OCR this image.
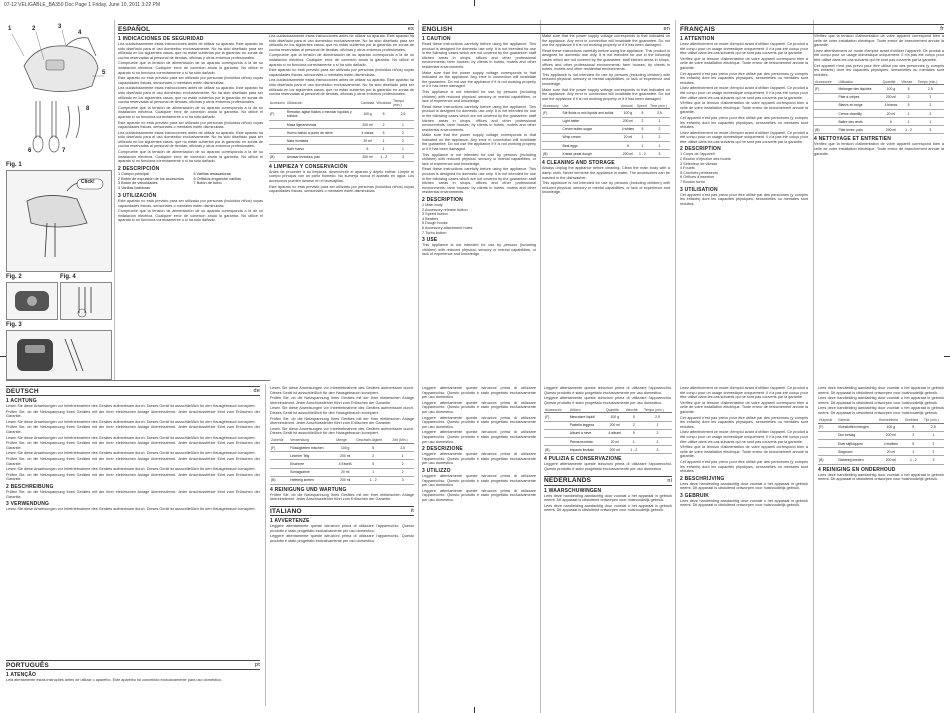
07-12 VELIGABLE_BA350 Doc Page 1 Friday, June 10, 2011 3:22 PM
1	2	3
4
5
6	7
8
Fig. 1
Click!
Fig. 2	Fig. 4
Fig. 3
ESPAÑOL	es
1 INDICACIONES DE SEGURIDAD

Lea cuidadosamente estas instrucciones antes de utilizar su aparato. Este aparato ha sido diseñado para el uso doméstico exclusivamente. No ha sido diseñado para ser utilizado en los siguientes casos, que no están cubiertos por la garantía: en zonas de cocina reservadas al personal de tiendas, oficinas y otros entornos profesionales.

Compruebe que la tensión de alimentación de su aparato corresponda a la de su instalación eléctrica. Cualquier error de conexión anula la garantía. No utilice el aparato si no funciona correctamente o si ha sido dañado.

Este aparato no está previsto para ser utilizado por personas (incluidos niños) cuyas capacidades físicas, sensoriales o mentales estén disminuidas.

Lea cuidadosamente estas instrucciones antes de utilizar su aparato. Este aparato ha sido diseñado para el uso doméstico exclusivamente. No ha sido diseñado para ser utilizado en los siguientes casos, que no están cubiertos por la garantía: en zonas de cocina reservadas al personal de tiendas, oficinas y otros entornos profesionales.

Compruebe que la tensión de alimentación de su aparato corresponda a la de su instalación eléctrica. Cualquier error de conexión anula la garantía. No utilice el aparato si no funciona correctamente o si ha sido dañado.

Este aparato no está previsto para ser utilizado por personas (incluidos niños) cuyas capacidades físicas, sensoriales o mentales estén disminuidas.

Lea cuidadosamente estas instrucciones antes de utilizar su aparato. Este aparato ha sido diseñado para el uso doméstico exclusivamente. No ha sido diseñado para ser utilizado en los siguientes casos, que no están cubiertos por la garantía: en zonas de cocina reservadas al personal de tiendas, oficinas y otros entornos profesionales.

Compruebe que la tensión de alimentación de su aparato corresponda a la de su instalación eléctrica. Cualquier error de conexión anula la garantía. No utilice el aparato si no funciona correctamente o si ha sido dañado.

2 DESCRIPCIÓN
1 Cuerpo principal
2 Botón de expulsión de los accesorios
3 Botón de velocidades
4 Varillas batidoras
5 Varillas amasadoras
6 Orificios enganche varillas
7 Botón de turbo
3 UTILIZACIÓN

Este aparato no está previsto para ser utilizado por personas (incluidos niños) cuyas capacidades físicas, sensoriales o mentales estén disminuidas.

Compruebe que la tensión de alimentación de su aparato corresponda a la de su instalación eléctrica. Cualquier error de conexión anula la garantía. No utilice el aparato si no funciona correctamente o si ha sido dañado.

Lea cuidadosamente estas instrucciones antes de utilizar su aparato. Este aparato ha sido diseñado para el uso doméstico exclusivamente. No ha sido diseñado para ser utilizado en los siguientes casos, que no están cubiertos por la garantía: en zonas de cocina reservadas al personal de tiendas, oficinas y otros entornos profesionales.

Compruebe que la tensión de alimentación de su aparato corresponda a la de su instalación eléctrica. Cualquier error de conexión anula la garantía. No utilice el aparato si no funciona correctamente o si ha sido dañado.

Este aparato no está previsto para ser utilizado por personas (incluidos niños) cuyas capacidades físicas, sensoriales o mentales estén disminuidas.

Lea cuidadosamente estas instrucciones antes de utilizar su aparato. Este aparato ha sido diseñado para el uso doméstico exclusivamente. No ha sido diseñado para ser utilizado en los siguientes casos, que no están cubiertos por la garantía: en zonas de cocina reservadas al personal de tiendas, oficinas y otros entornos profesionales.

Accesorio	Utilización	Cantidad	Velocidad	Tiempo (min.)
(F)	Rematar, agitar fluidos o mezclar líquidos y sólidos	100 g	5	2,5
	Masa ligera/sémola	200 ml	2	1
	Huevo batido a punto de nieve	4 claras	5	2
	Nata montada	20 ml	1	2
	Batir huevo	6	1	1
(B)	Amasar levadura, pan	200 ml	1 - 2	3
4 LIMPIEZA Y CONSERVACIÓN

Antes de proceder a su limpieza, desenchufe el aparato y déjelo enfriar. Limpie el cuerpo principal con un paño húmedo. No sumerja nunca el aparato en agua. Los accesorios pueden lavarse en el lavavajillas.

Este aparato no está previsto para ser utilizado por personas (incluidos niños) cuyas capacidades físicas, sensoriales o mentales estén disminuidas.

ENGLISH	en
1 CAUTION

Read these instructions carefully before using the appliance. This product is designed for domestic use only. It is not intended for use in the following cases which are not covered by the guarantee: staff kitchen areas in shops, offices and other professional environments; farm houses; by clients in hotels, motels and other residential environments.

Make sure that the power supply voltage corresponds to that indicated on the appliance. Any error in connection will invalidate the guarantee. Do not use the appliance if it is not working properly or if it has been damaged.

This appliance is not intended for use by persons (including children) with reduced physical, sensory or mental capabilities, or lack of experience and knowledge.

Read these instructions carefully before using the appliance. This product is designed for domestic use only. It is not intended for use in the following cases which are not covered by the guarantee: staff kitchen areas in shops, offices and other professional environments; farm houses; by clients in hotels, motels and other residential environments.

Make sure that the power supply voltage corresponds to that indicated on the appliance. Any error in connection will invalidate the guarantee. Do not use the appliance if it is not working properly or if it has been damaged.

This appliance is not intended for use by persons (including children) with reduced physical, sensory or mental capabilities, or lack of experience and knowledge.

Read these instructions carefully before using the appliance. This product is designed for domestic use only. It is not intended for use in the following cases which are not covered by the guarantee: staff kitchen areas in shops, offices and other professional environments; farm houses; by clients in hotels, motels and other residential environments.

2 DESCRIPTION
1 Main body
2 Accessory release button
3 Speed button
4 Beaters
5 Dough hooks
6 Accessory attachment holes
7 Turbo button
3 USE

This appliance is not intended for use by persons (including children) with reduced physical, sensory or mental capabilities, or lack of experience and knowledge.

Make sure that the power supply voltage corresponds to that indicated on the appliance. Any error in connection will invalidate the guarantee. Do not use the appliance if it is not working properly or if it has been damaged.

Read these instructions carefully before using the appliance. This product is designed for domestic use only. It is not intended for use in the following cases which are not covered by the guarantee: staff kitchen areas in shops, offices and other professional environments; farm houses; by clients in hotels, motels and other residential environments.

This appliance is not intended for use by persons (including children) with reduced physical, sensory or mental capabilities, or lack of experience and knowledge.

Make sure that the power supply voltage corresponds to that indicated on the appliance. Any error in connection will invalidate the guarantee. Do not use the appliance if it is not working properly or if it has been damaged.

Accessory	Use	Amount	Speed	Time (min.)
(F)	Stir fluids or mix liquids and solids	100 g	5	2,5
	Light batter	200 ml	2	1
	Cream butter-sugar	4 whites	5	2
	Whip cream	20 ml	1	2
	Beat eggs	6	1	1
(B)	Knead yeast dough	200 ml	1 - 2	3
4 CLEANING AND STORAGE

Always unplug the appliance before cleaning. Clean the main body with a damp cloth. Never immerse the appliance in water. The accessories can be washed in the dishwasher.

This appliance is not intended for use by persons (including children) with reduced physical, sensory or mental capabilities, or lack of experience and knowledge.

FRANÇAIS	fr
1 ATTENTION

Lisez attentivement ce mode d'emploi avant d'utiliser l'appareil. Ce produit a été conçu pour un usage domestique uniquement. Il n'a pas été conçu pour être utilisé dans les cas suivants qui ne sont pas couverts par la garantie.

Vérifiez que la tension d'alimentation de votre appareil correspond bien à celle de votre installation électrique. Toute erreur de branchement annule la garantie.

Cet appareil n'est pas prévu pour être utilisé par des personnes (y compris les enfants) dont les capacités physiques, sensorielles ou mentales sont réduites.

Lisez attentivement ce mode d'emploi avant d'utiliser l'appareil. Ce produit a été conçu pour un usage domestique uniquement. Il n'a pas été conçu pour être utilisé dans les cas suivants qui ne sont pas couverts par la garantie.

Vérifiez que la tension d'alimentation de votre appareil correspond bien à celle de votre installation électrique. Toute erreur de branchement annule la garantie.

Cet appareil n'est pas prévu pour être utilisé par des personnes (y compris les enfants) dont les capacités physiques, sensorielles ou mentales sont réduites.

Lisez attentivement ce mode d'emploi avant d'utiliser l'appareil. Ce produit a été conçu pour un usage domestique uniquement. Il n'a pas été conçu pour être utilisé dans les cas suivants qui ne sont pas couverts par la garantie.

2 DESCRIPTION
1 Corps de l'appareil
2 Bouton d'éjection des fouets
3 Sélecteur de vitesse
4 Fouets
5 Crochets pétrisseurs
6 Orifices d'insertion
7 Bouton turbo
3 UTILISATION

Cet appareil n'est pas prévu pour être utilisé par des personnes (y compris les enfants) dont les capacités physiques, sensorielles ou mentales sont réduites.

Vérifiez que la tension d'alimentation de votre appareil correspond bien à celle de votre installation électrique. Toute erreur de branchement annule la garantie.

Lisez attentivement ce mode d'emploi avant d'utiliser l'appareil. Ce produit a été conçu pour un usage domestique uniquement. Il n'a pas été conçu pour être utilisé dans les cas suivants qui ne sont pas couverts par la garantie.

Cet appareil n'est pas prévu pour être utilisé par des personnes (y compris les enfants) dont les capacités physiques, sensorielles ou mentales sont réduites.

Accessoire	Utilisation	Quantité	Vitesse	Temps (min.)
(F)	Mélanger des liquides	100 g	5	2,5
	Pâte à crêpes	200 ml	2	1
	Blancs en neige	4 blancs	5	2
	Crème chantilly	20 ml	1	2
	Battre des œufs	6	1	1
(B)	Pâte levée, pain	200 ml	1 - 2	3
4 NETTOYAGE ET ENTRETIEN

Vérifiez que la tension d'alimentation de votre appareil correspond bien à celle de votre installation électrique. Toute erreur de branchement annule la garantie.

DEUTSCH	de
1 ACHTUNG

Lesen Sie diese Anweisungen vor Inbetriebnahme des Gerätes aufmerksam durch. Dieses Gerät ist ausschließlich für den Hausgebrauch konzipiert.

Prüfen Sie, ob die Netzspannung Ihres Gerätes mit der Ihrer elektrischen Anlage übereinstimmt. Jeder Anschlussfehler führt zum Erlöschen der Garantie.

Lesen Sie diese Anweisungen vor Inbetriebnahme des Gerätes aufmerksam durch. Dieses Gerät ist ausschließlich für den Hausgebrauch konzipiert.

Prüfen Sie, ob die Netzspannung Ihres Gerätes mit der Ihrer elektrischen Anlage übereinstimmt. Jeder Anschlussfehler führt zum Erlöschen der Garantie.

Lesen Sie diese Anweisungen vor Inbetriebnahme des Gerätes aufmerksam durch. Dieses Gerät ist ausschließlich für den Hausgebrauch konzipiert.

Prüfen Sie, ob die Netzspannung Ihres Gerätes mit der Ihrer elektrischen Anlage übereinstimmt. Jeder Anschlussfehler führt zum Erlöschen der Garantie.

Lesen Sie diese Anweisungen vor Inbetriebnahme des Gerätes aufmerksam durch. Dieses Gerät ist ausschließlich für den Hausgebrauch konzipiert.

Prüfen Sie, ob die Netzspannung Ihres Gerätes mit der Ihrer elektrischen Anlage übereinstimmt. Jeder Anschlussfehler führt zum Erlöschen der Garantie.

Lesen Sie diese Anweisungen vor Inbetriebnahme des Gerätes aufmerksam durch. Dieses Gerät ist ausschließlich für den Hausgebrauch konzipiert.

Prüfen Sie, ob die Netzspannung Ihres Gerätes mit der Ihrer elektrischen Anlage übereinstimmt. Jeder Anschlussfehler führt zum Erlöschen der Garantie.

2 BESCHREIBUNG

Prüfen Sie, ob die Netzspannung Ihres Gerätes mit der Ihrer elektrischen Anlage übereinstimmt. Jeder Anschlussfehler führt zum Erlöschen der Garantie.

3 VERWENDUNG

Lesen Sie diese Anweisungen vor Inbetriebnahme des Gerätes aufmerksam durch. Dieses Gerät ist ausschließlich für den Hausgebrauch konzipiert.

PORTUGUÊS	pt
1 ATENÇÃO

Leia atentamente estas instruções antes de utilizar o aparelho. Este aparelho foi concebido exclusivamente para uso doméstico.

Lesen Sie diese Anweisungen vor Inbetriebnahme des Gerätes aufmerksam durch. Dieses Gerät ist ausschließlich für den Hausgebrauch konzipiert.

Prüfen Sie, ob die Netzspannung Ihres Gerätes mit der Ihrer elektrischen Anlage übereinstimmt. Jeder Anschlussfehler führt zum Erlöschen der Garantie.

Lesen Sie diese Anweisungen vor Inbetriebnahme des Gerätes aufmerksam durch. Dieses Gerät ist ausschließlich für den Hausgebrauch konzipiert.

Prüfen Sie, ob die Netzspannung Ihres Gerätes mit der Ihrer elektrischen Anlage übereinstimmt. Jeder Anschlussfehler führt zum Erlöschen der Garantie.

Lesen Sie diese Anweisungen vor Inbetriebnahme des Gerätes aufmerksam durch. Dieses Gerät ist ausschließlich für den Hausgebrauch konzipiert.

Zubehör	Verwendung	Menge	Geschwin-digkeit	Zeit (Min.)
(F)	Flüssigkeiten mischen	100 g	5	2,5
	Leichter Teig	200 ml	2	1
	Eischnee	4 Eiweiß	5	2
	Schlagsahne	20 ml	1	2
(B)	Hefeteig kneten	200 ml	1 - 2	3
4 REINIGUNG UND WARTUNG

Prüfen Sie, ob die Netzspannung Ihres Gerätes mit der Ihrer elektrischen Anlage übereinstimmt. Jeder Anschlussfehler führt zum Erlöschen der Garantie.

ITALIANO	it
1 AVVERTENZE

Leggere attentamente queste istruzioni prima di utilizzare l'apparecchio. Questo prodotto è stato progettato esclusivamente per uso domestico.

Leggere attentamente queste istruzioni prima di utilizzare l'apparecchio. Questo prodotto è stato progettato esclusivamente per uso domestico.

Leggere attentamente queste istruzioni prima di utilizzare l'apparecchio. Questo prodotto è stato progettato esclusivamente per uso domestico.

Leggere attentamente queste istruzioni prima di utilizzare l'apparecchio. Questo prodotto è stato progettato esclusivamente per uso domestico.

Leggere attentamente queste istruzioni prima di utilizzare l'apparecchio. Questo prodotto è stato progettato esclusivamente per uso domestico.

Leggere attentamente queste istruzioni prima di utilizzare l'apparecchio. Questo prodotto è stato progettato esclusivamente per uso domestico.

2 DESCRIZIONE

Leggere attentamente queste istruzioni prima di utilizzare l'apparecchio. Questo prodotto è stato progettato esclusivamente per uso domestico.

3 UTILIZZO

Leggere attentamente queste istruzioni prima di utilizzare l'apparecchio. Questo prodotto è stato progettato esclusivamente per uso domestico.

Leggere attentamente queste istruzioni prima di utilizzare l'apparecchio. Questo prodotto è stato progettato esclusivamente per uso domestico.

Leggere attentamente queste istruzioni prima di utilizzare l'apparecchio. Questo prodotto è stato progettato esclusivamente per uso domestico.

Leggere attentamente queste istruzioni prima di utilizzare l'apparecchio. Questo prodotto è stato progettato esclusivamente per uso domestico.

Accessorio	Utilizzo	Quantità	Velocità	Tempo (min.)
(F)	Mescolare liquidi	100 g	5	2,5
	Pastella leggera	200 ml	2	1
	Albumi a neve	4 albumi	5	2
	Panna montata	20 ml	1	2
(B)	Impasto lievitato	200 ml	1 - 2	3
4 PULIZIA E CONSERVAZIONE

Leggere attentamente queste istruzioni prima di utilizzare l'apparecchio. Questo prodotto è stato progettato esclusivamente per uso domestico.

NEDERLANDS	nl
1 WAARSCHUWINGEN

Lees deze handleiding aandachtig door voordat u het apparaat in gebruik neemt. Dit apparaat is uitsluitend ontworpen voor huishoudelijk gebruik.

Lees deze handleiding aandachtig door voordat u het apparaat in gebruik neemt. Dit apparaat is uitsluitend ontworpen voor huishoudelijk gebruik.

Lisez attentivement ce mode d'emploi avant d'utiliser l'appareil. Ce produit a été conçu pour un usage domestique uniquement. Il n'a pas été conçu pour être utilisé dans les cas suivants qui ne sont pas couverts par la garantie.

Vérifiez que la tension d'alimentation de votre appareil correspond bien à celle de votre installation électrique. Toute erreur de branchement annule la garantie.

Cet appareil n'est pas prévu pour être utilisé par des personnes (y compris les enfants) dont les capacités physiques, sensorielles ou mentales sont réduites.

Lisez attentivement ce mode d'emploi avant d'utiliser l'appareil. Ce produit a été conçu pour un usage domestique uniquement. Il n'a pas été conçu pour être utilisé dans les cas suivants qui ne sont pas couverts par la garantie.

Vérifiez que la tension d'alimentation de votre appareil correspond bien à celle de votre installation électrique. Toute erreur de branchement annule la garantie.

Cet appareil n'est pas prévu pour être utilisé par des personnes (y compris les enfants) dont les capacités physiques, sensorielles ou mentales sont réduites.

2 BESCHRIJVING

Lees deze handleiding aandachtig door voordat u het apparaat in gebruik neemt. Dit apparaat is uitsluitend ontworpen voor huishoudelijk gebruik.

3 GEBRUIK

Lees deze handleiding aandachtig door voordat u het apparaat in gebruik neemt. Dit apparaat is uitsluitend ontworpen voor huishoudelijk gebruik.

Lees deze handleiding aandachtig door voordat u het apparaat in gebruik neemt. Dit apparaat is uitsluitend ontworpen voor huishoudelijk gebruik.

Lees deze handleiding aandachtig door voordat u het apparaat in gebruik neemt. Dit apparaat is uitsluitend ontworpen voor huishoudelijk gebruik.

Lees deze handleiding aandachtig door voordat u het apparaat in gebruik neemt. Dit apparaat is uitsluitend ontworpen voor huishoudelijk gebruik.

Hulpstuk	Gebruik	Hoeveelheid	Snelheid	Tijd (min.)
(F)	Vloeistoffen mengen	100 g	5	2,5
	Dun beslag	200 ml	2	1
	Eiwit stijfkloppen	4 eiwitten	5	2
	Slagroom	20 ml	1	2
(B)	Gistdeeg kneden	200 ml	1 - 2	3
4 REINIGING EN ONDERHOUD

Lees deze handleiding aandachtig door voordat u het apparaat in gebruik neemt. Dit apparaat is uitsluitend ontworpen voor huishoudelijk gebruik.
